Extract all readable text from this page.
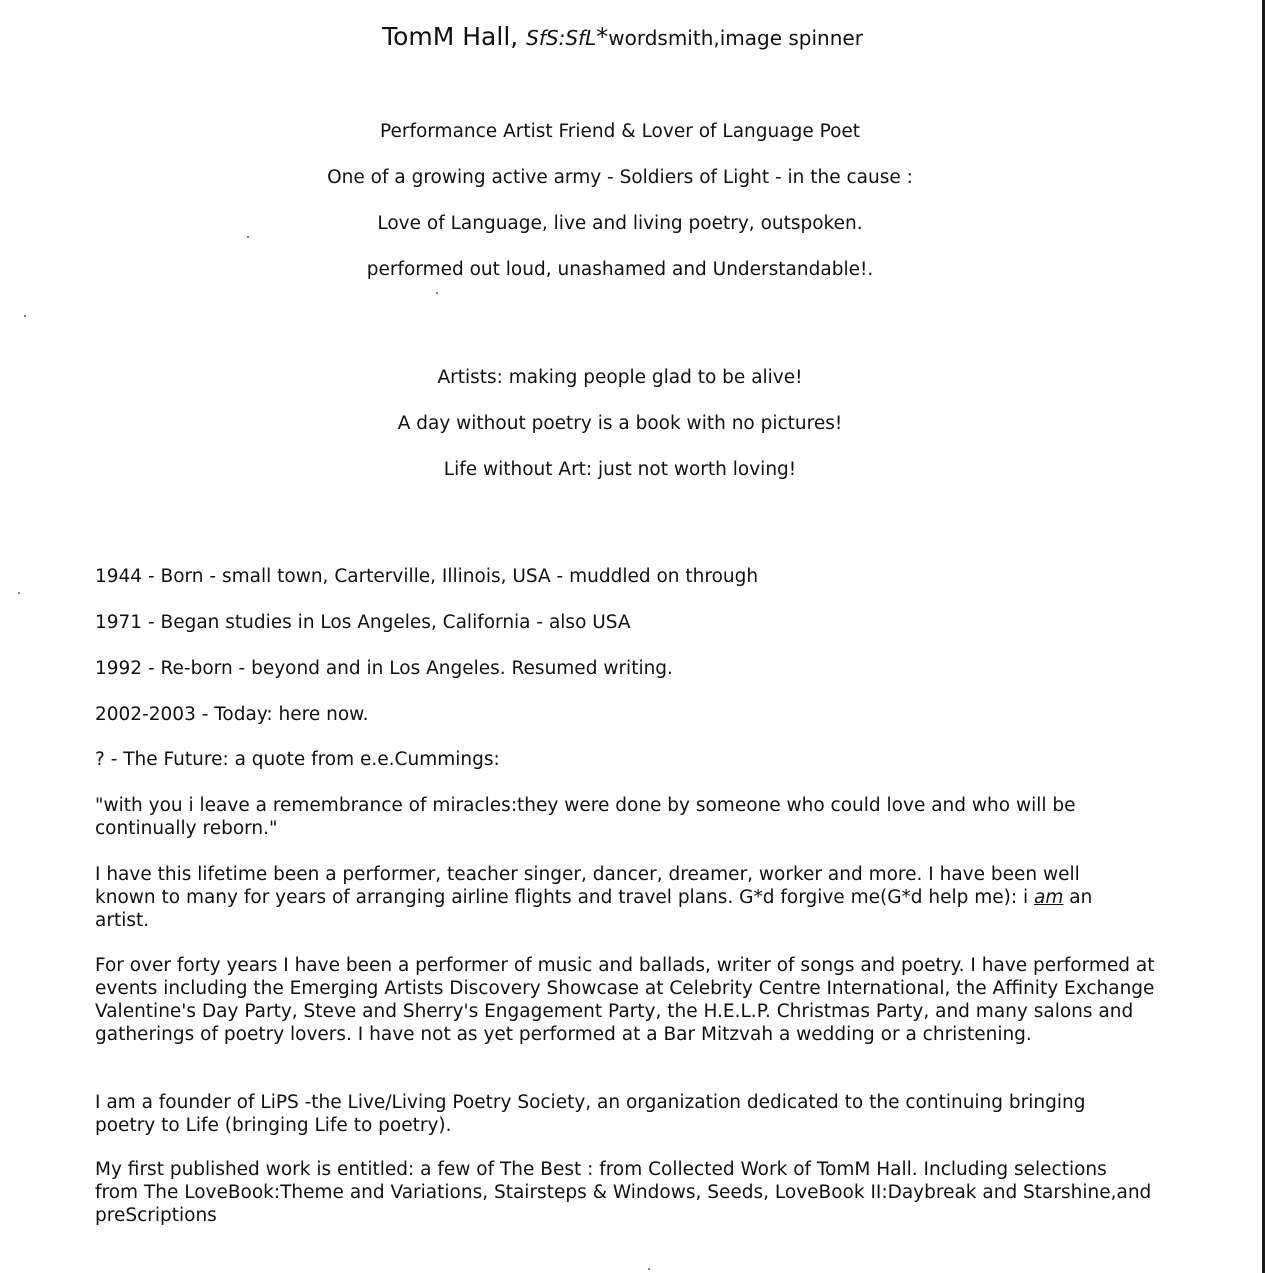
TomM Hall, SfS:SfL*wordsmith,image spinner
Performance Artist Friend & Lover of Language Poet
One of a growing active army - Soldiers of Light - in the cause :
Love of Language, live and living poetry, outspoken.
performed out loud, unashamed and Understandable!.
Artists: making people glad to be alive!
A day without poetry is a book with no pictures!
Life without Art: just not worth loving!
1944 - Born - small town, Carterville, Illinois, USA - muddled on through
1971 - Began studies in Los Angeles, California - also USA
1992 - Re-born - beyond and in Los Angeles. Resumed writing.
2002-2003 - Today: here now.
? - The Future: a quote from e.e.Cummings:
"with you i leave a remembrance of miracles:they were done by someone who could love and who will be continually reborn."
I have this lifetime been a performer, teacher singer, dancer, dreamer, worker and more. I have been well known to many for years of arranging airline flights and travel plans. G*d forgive me(G*d help me): i am an artist.
For over forty years I have been a performer of music and ballads, writer of songs and poetry. I have performed at events including the Emerging Artists Discovery Showcase at Celebrity Centre International, the Affinity Exchange Valentine's Day Party, Steve and Sherry's Engagement Party, the H.E.L.P. Christmas Party, and many salons and gatherings of poetry lovers. I have not as yet performed at a Bar Mitzvah a wedding or a christening.
I am a founder of LiPS -the Live/Living Poetry Society, an organization dedicated to the continuing bringing poetry to Life (bringing Life to poetry).
My first published work is entitled: a few of The Best : from Collected Work of TomM Hall. Including selections from The LoveBook:Theme and Variations, Stairsteps & Windows, Seeds, LoveBook II:Daybreak and Starshine,and preScriptions
